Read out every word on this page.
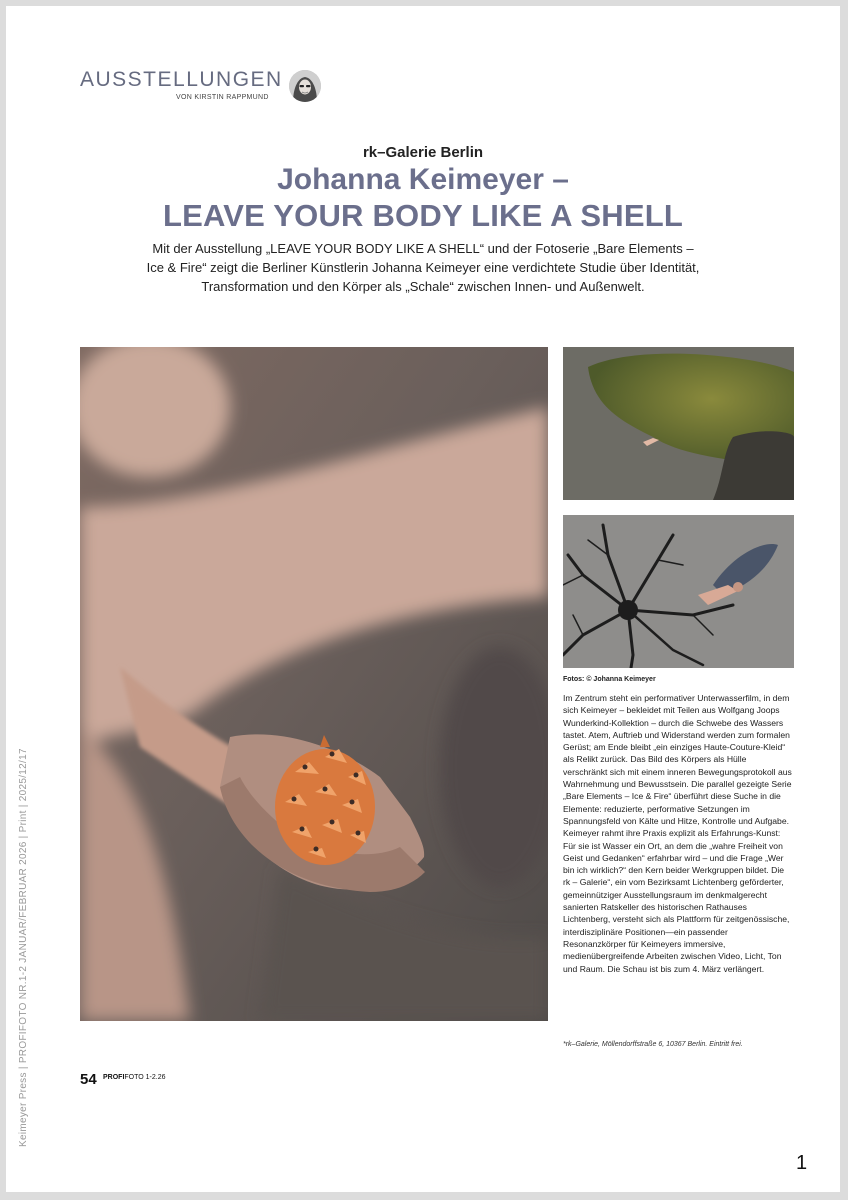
AUSSTELLUNGEN
VON KIRSTIN RAPPMUND
rk–Galerie Berlin
Johanna Keimeyer –
LEAVE YOUR BODY LIKE A SHELL
Mit der Ausstellung „LEAVE YOUR BODY LIKE A SHELL“ und der Fotoserie „Bare Elements – Ice & Fire“ zeigt die Berliner Künstlerin Johanna Keimeyer eine verdichtete Studie über Identität, Transformation und den Körper als „Schale“ zwischen Innen- und Außenwelt.
Fotos: © Johanna Keimeyer

Im Zentrum steht ein performativer Unterwasserfilm, in dem sich Keimeyer – bekleidet mit Teilen aus Wolfgang Joops Wunderkind-Kollektion – durch die Schwebe des Wassers tastet. Atem, Auftrieb und Widerstand werden zum formalen Gerüst; am Ende bleibt „ein einziges Haute-Couture-Kleid“ als Relikt zurück. Das Bild des Körpers als Hülle verschränkt sich mit einem inneren Bewegungsprotokoll aus Wahrnehmung und Bewusstsein. Die parallel gezeigte Serie „Bare Elements – Ice & Fire“ überführt diese Suche in die Elemente: reduzierte, performative Setzungen im Spannungsfeld von Kälte und Hitze, Kontrolle und Aufgabe. Keimeyer rahmt ihre Praxis explizit als Erfahrungs-Kunst: Für sie ist Wasser ein Ort, an dem die „wahre Freiheit von Geist und Gedanken“ erfahrbar wird – und die Frage „Wer bin ich wirklich?“ den Kern beider Werkgruppen bildet. Die rk – Galerie“, ein vom Bezirksamt Lichtenberg geförderter, gemeinnütziger Ausstellungsraum im denkmalgerecht sanierten Ratskeller des historischen Rathauses Lichtenberg, versteht sich als Plattform für zeitgenössische, interdisziplinäre Positionen—ein passender Resonanzkörper für Keimeyers immersive, medienübergreifende Arbeiten zwischen Video, Licht, Ton und Raum. Die Schau ist bis zum 4. März verlängert.

*rk–Galerie, Möllendorffstraße 6, 10367 Berlin. Eintritt frei.
54 PROFIFOTO 1-2.26
Keimeyer Press | PROFIFOTO NR.1-2 JANUAR/FEBRUAR 2026 | Print | 2025/12/17
1
